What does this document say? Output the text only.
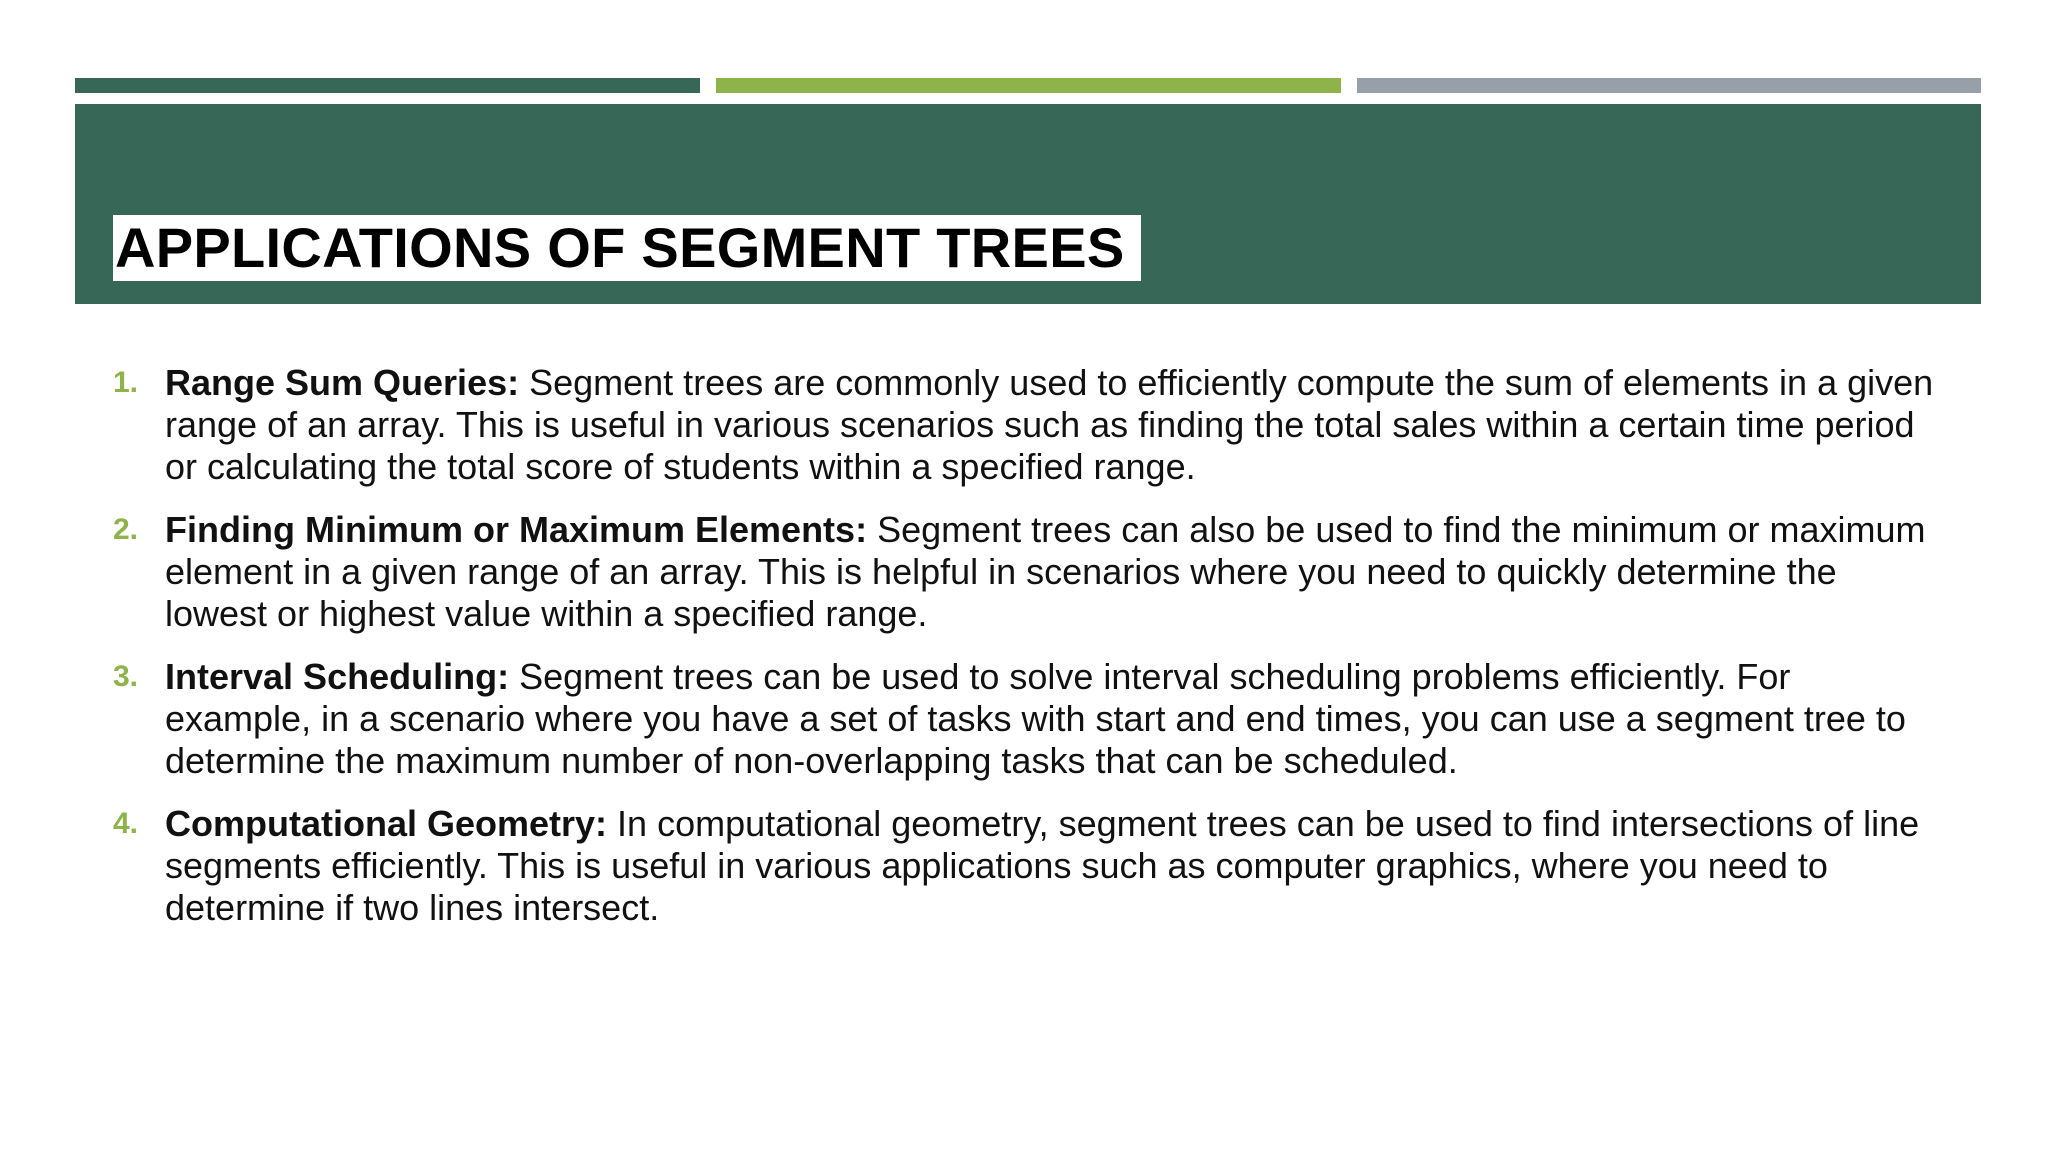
APPLICATIONS OF SEGMENT TREES
1. Range Sum Queries: Segment trees are commonly used to efficiently compute the sum of elements in a given range of an array. This is useful in various scenarios such as finding the total sales within a certain time period or calculating the total score of students within a specified range.
2. Finding Minimum or Maximum Elements: Segment trees can also be used to find the minimum or maximum element in a given range of an array. This is helpful in scenarios where you need to quickly determine the lowest or highest value within a specified range.
3. Interval Scheduling: Segment trees can be used to solve interval scheduling problems efficiently. For example, in a scenario where you have a set of tasks with start and end times, you can use a segment tree to determine the maximum number of non-overlapping tasks that can be scheduled.
4. Computational Geometry: In computational geometry, segment trees can be used to find intersections of line segments efficiently. This is useful in various applications such as computer graphics, where you need to determine if two lines intersect.
